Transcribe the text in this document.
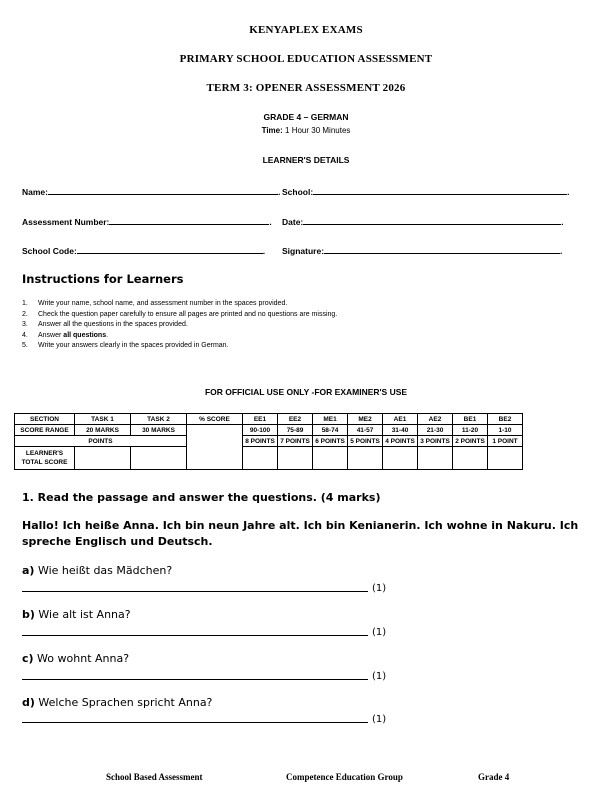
KENYAPLEX EXAMS
PRIMARY SCHOOL EDUCATION ASSESSMENT
TERM 3: OPENER ASSESSMENT 2026
GRADE 4 – GERMAN
Time: 1 Hour 30 Minutes
LEARNER'S DETAILS
Name:	. School:	.
Assessment Number:	. Date:	.
School Code:	. Signature:	.
Instructions for Learners
1. Write your name, school name, and assessment number in the spaces provided.
2. Check the question paper carefully to ensure all pages are printed and no questions are missing.
3. Answer all the questions in the spaces provided.
4. Answer all questions.
5. Write your answers clearly in the spaces provided in German.
FOR OFFICIAL USE ONLY -FOR EXAMINER'S USE
SECTION	TASK 1	TASK 2	% SCORE	EE1	EE2	ME1	ME2	AE1	AE2	BE1	BE2
SCORE RANGE	20 MARKS	30 MARKS		90-100	75-89	58-74	41-57	31-40	21-30	11-20	1-10
POINTS				8 POINTS	7 POINTS	6 POINTS	5 POINTS	4 POINTS	3 POINTS	2 POINTS	1 POINT
LEARNER'S
TOTAL SCORE											
1. Read the passage and answer the questions. (4 marks)
Hallo! Ich heiße Anna. Ich bin neun Jahre alt. Ich bin Kenianerin. Ich wohne in Nakuru. Ich spreche Englisch und Deutsch.
a) Wie heißt das Mädchen?
(1)
b) Wie alt ist Anna?
(1)
c) Wo wohnt Anna?
(1)
d) Welche Sprachen spricht Anna?
(1)
School Based Assessment	Competence Education Group	Grade 4
